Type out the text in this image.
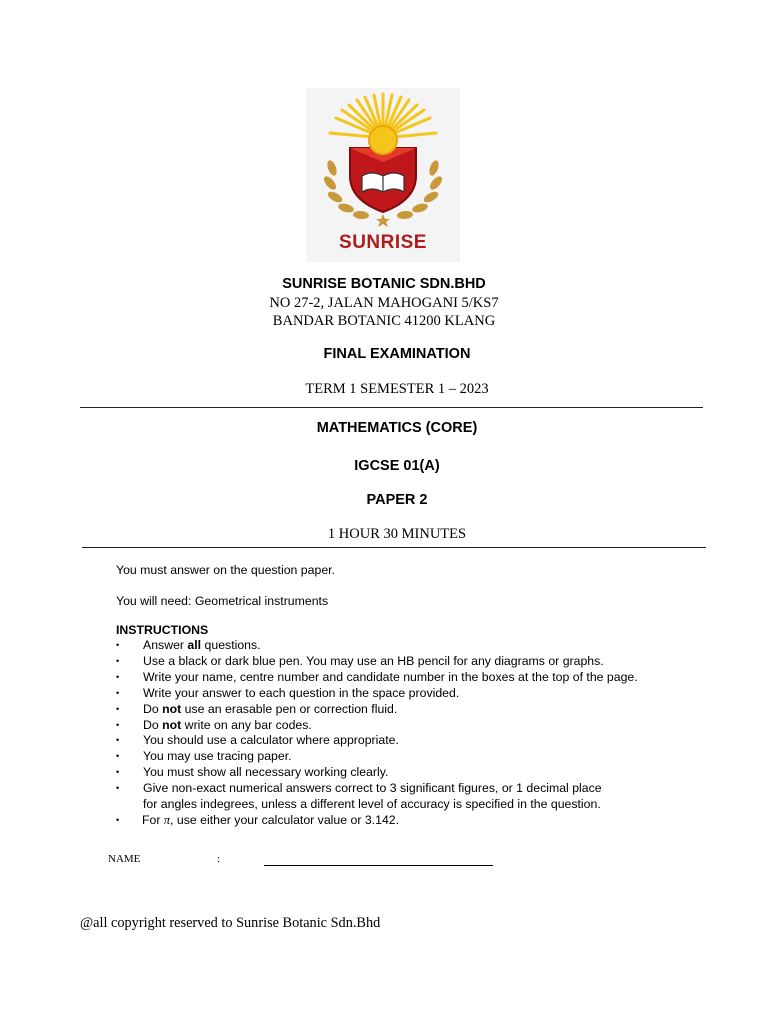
SUNRISE
SUNRISE BOTANIC SDN.BHD
NO 27-2, JALAN MAHOGANI 5/KS7
BANDAR BOTANIC 41200 KLANG
FINAL EXAMINATION
TERM 1 SEMESTER 1 – 2023
MATHEMATICS (CORE)
IGCSE 01(A)
PAPER 2
1 HOUR 30 MINUTES
You must answer on the question paper.
You will need: Geometrical instruments
INSTRUCTIONS
• Answer all questions.
• Use a black or dark blue pen. You may use an HB pencil for any diagrams or graphs.
• Write your name, centre number and candidate number in the boxes at the top of the page.
• Write your answer to each question in the space provided.
• Do not use an erasable pen or correction fluid.
• Do not write on any bar codes.
• You should use a calculator where appropriate.
• You may use tracing paper.
• You must show all necessary working clearly.
• Give non-exact numerical answers correct to 3 significant figures, or 1 decimal place
for angles indegrees, unless a different level of accuracy is specified in the question.
• For π, use either your calculator value or 3.142.
NAME	:
@all copyright reserved to Sunrise Botanic Sdn.Bhd
